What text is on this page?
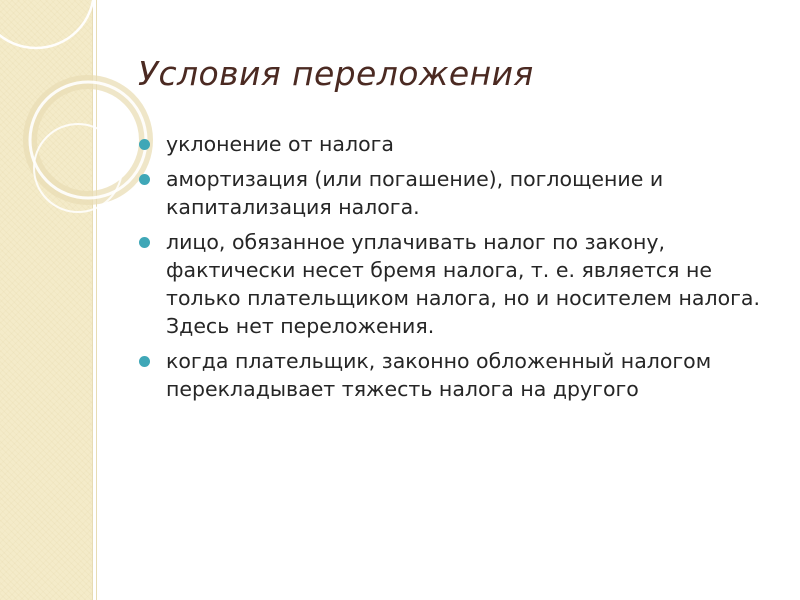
Условия переложения
уклонение от налога
амортизация (или погашение), поглощение и капитализация налога.
лицо, обязанное уплачивать налог по закону, фактически несет бремя налога, т. е. является не только плательщиком налога, но и носителем налога. Здесь нет переложения.
когда плательщик, законно обложенный налогом перекладывает тяжесть налога на другого
